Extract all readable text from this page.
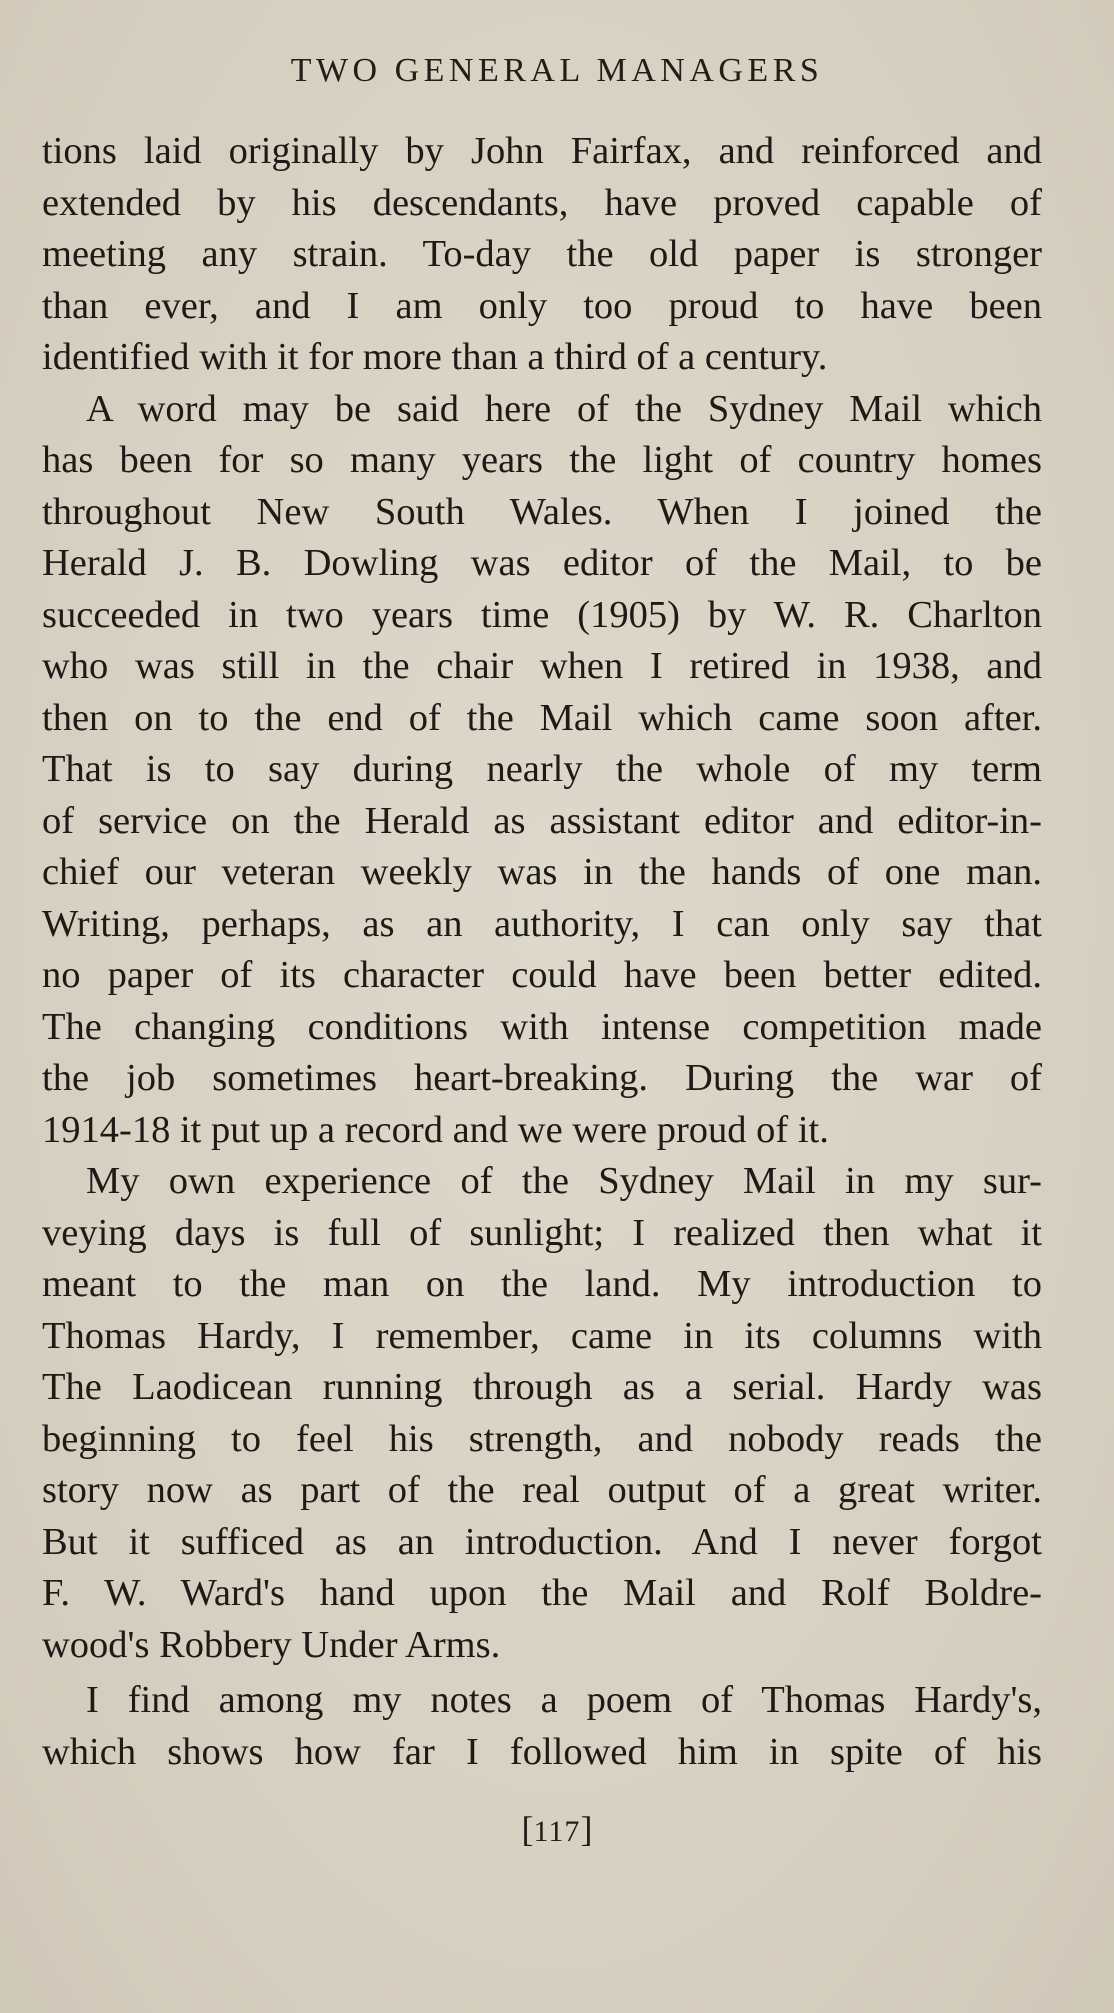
TWO GENERAL MANAGERS
tions laid originally by John Fairfax, and reinforced and
extended by his descendants, have proved capable of
meeting any strain. To-day the old paper is stronger
than ever, and I am only too proud to have been
identified with it for more than a third of a century.
A word may be said here of the Sydney Mail which
has been for so many years the light of country homes
throughout New South Wales. When I joined the
Herald J. B. Dowling was editor of the Mail, to be
succeeded in two years time (1905) by W. R. Charlton
who was still in the chair when I retired in 1938, and
then on to the end of the Mail which came soon after.
That is to say during nearly the whole of my term
of service on the Herald as assistant editor and editor-in-
chief our veteran weekly was in the hands of one man.
Writing, perhaps, as an authority, I can only say that
no paper of its character could have been better edited.
The changing conditions with intense competition made
the job sometimes heart-breaking. During the war of
1914-18 it put up a record and we were proud of it.
My own experience of the Sydney Mail in my sur-
veying days is full of sunlight; I realized then what it
meant to the man on the land. My introduction to
Thomas Hardy, I remember, came in its columns with
The Laodicean running through as a serial. Hardy was
beginning to feel his strength, and nobody reads the
story now as part of the real output of a great writer.
But it sufficed as an introduction. And I never forgot
F. W. Ward's hand upon the Mail and Rolf Boldre-
wood's Robbery Under Arms.
I find among my notes a poem of Thomas Hardy's,
which shows how far I followed him in spite of his
[117]
